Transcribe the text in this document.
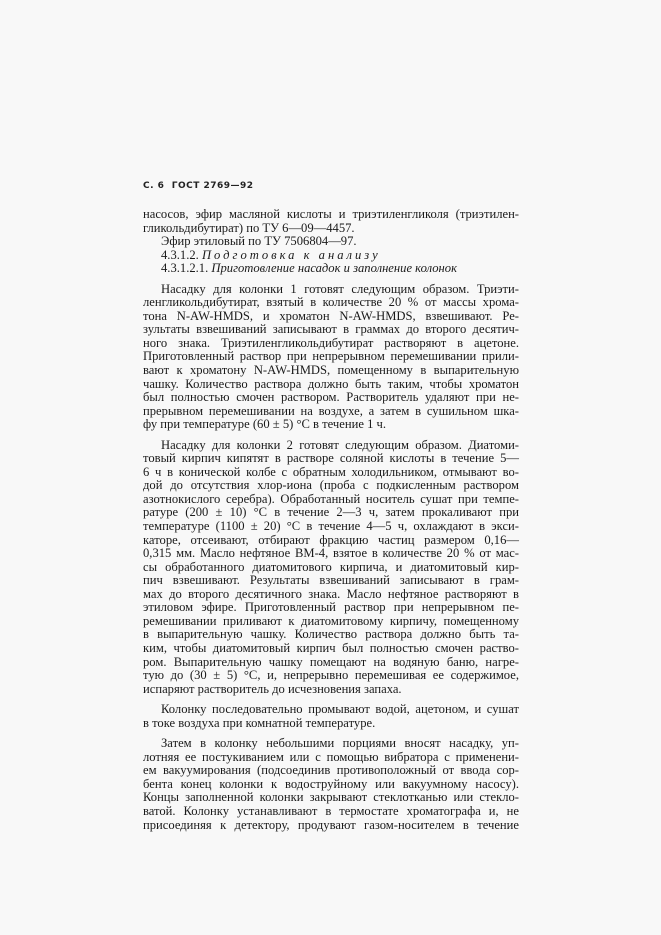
С. 6 ГОСТ 2769—92
насосов, эфир масляной кислоты и триэтиленгликоля (триэтилен-
гликольдибутират) по ТУ 6—09—4457.
Эфир этиловый по ТУ 7506804—97.
4.3.1.2. Подготовка к анализу
4.3.1.2.1. Приготовление насадок и заполнение колонок
Насадку для колонки 1 готовят следующим образом. Триэти-
ленгликольдибутират, взятый в количестве 20 % от массы хрома-
тона N-AW-HMDS, и хроматон N-AW-HMDS, взвешивают. Ре-
зультаты взвешиваний записывают в граммах до второго десятич-
ного знака. Триэтиленгликольдибутират растворяют в ацетоне.
Приготовленный раствор при непрерывном перемешивании прили-
вают к хроматону N-AW-HMDS, помещенному в выпарительную
чашку. Количество раствора должно быть таким, чтобы хроматон
был полностью смочен раствором. Растворитель удаляют при не-
прерывном перемешивании на воздухе, а затем в сушильном шка-
фу при температуре (60 ± 5) °С в течение 1 ч.
Насадку для колонки 2 готовят следующим образом. Диатоми-
товый кирпич кипятят в растворе соляной кислоты в течение 5—
6 ч в конической колбе с обратным холодильником, отмывают во-
дой до отсутствия хлор-иона (проба с подкисленным раствором
азотнокислого серебра). Обработанный носитель сушат при темпе-
ратуре (200 ± 10) °С в течение 2—3 ч, затем прокаливают при
температуре (1100 ± 20) °С в течение 4—5 ч, охлаждают в экси-
каторе, отсеивают, отбирают фракцию частиц размером 0,16—
0,315 мм. Масло нефтяное ВМ-4, взятое в количестве 20 % от мас-
сы обработанного диатомитового кирпича, и диатомитовый кир-
пич взвешивают. Результаты взвешиваний записывают в грам-
мах до второго десятичного знака. Масло нефтяное растворяют в
этиловом эфире. Приготовленный раствор при непрерывном пе-
ремешивании приливают к диатомитовому кирпичу, помещенному
в выпарительную чашку. Количество раствора должно быть та-
ким, чтобы диатомитовый кирпич был полностью смочен раство-
ром. Выпарительную чашку помещают на водяную баню, нагре-
тую до (30 ± 5) °С, и, непрерывно перемешивая ее содержимое,
испаряют растворитель до исчезновения запаха.
Колонку последовательно промывают водой, ацетоном, и сушат
в токе воздуха при комнатной температуре.
Затем в колонку небольшими порциями вносят насадку, уп-
лотняя ее постукиванием или с помощью вибратора с применени-
ем вакуумирования (подсоединив противоположный от ввода сор-
бента конец колонки к водоструйному или вакуумному насосу).
Концы заполненной колонки закрывают стеклотканью или стекло-
ватой. Колонку устанавливают в термостате хроматографа и, не
присоединяя к детектору, продувают газом-носителем в течение
